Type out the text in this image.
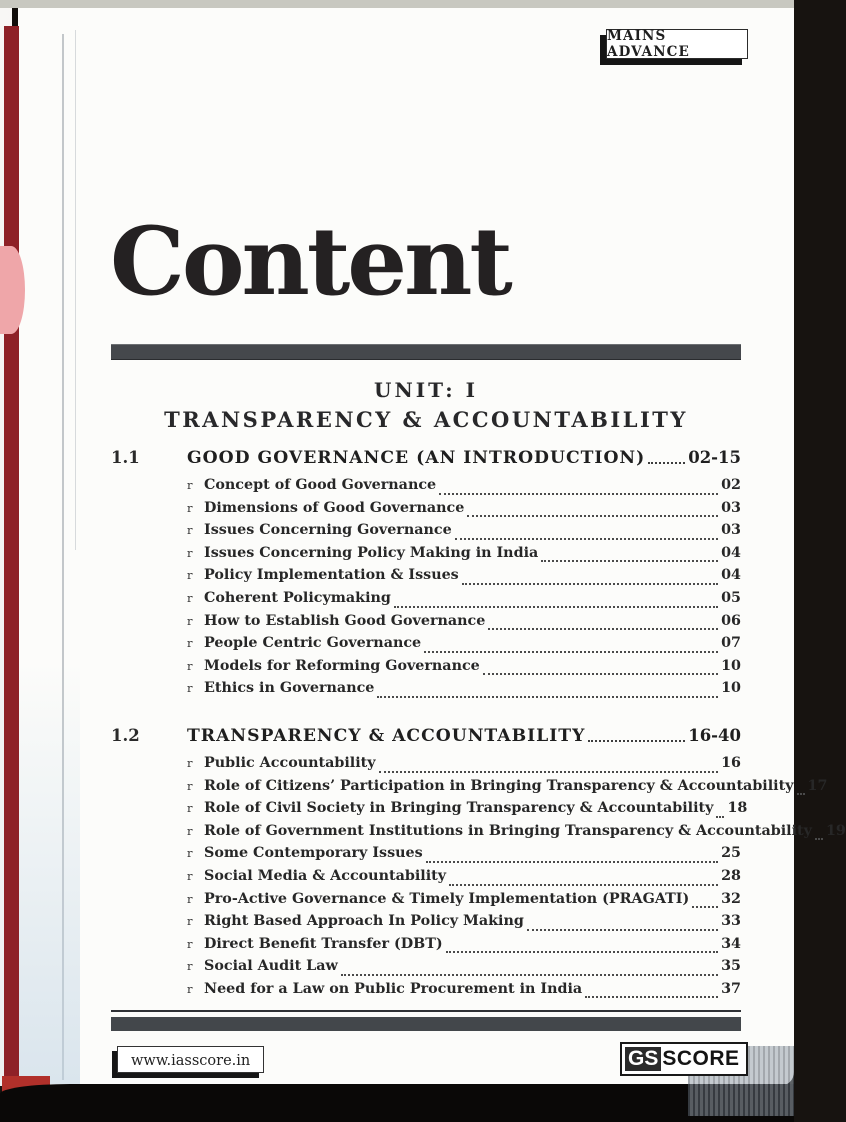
MAINS ADVANCE
Content
UNIT: I
TRANSPARENCY & ACCOUNTABILITY
1.1	GOOD GOVERNANCE (AN INTRODUCTION)	02-15
r Concept of Good Governance	02
r Dimensions of Good Governance	03
r Issues Concerning Governance	03
r Issues Concerning Policy Making in India	04
r Policy Implementation & Issues	04
r Coherent Policymaking	05
r How to Establish Good Governance	06
r People Centric Governance	07
r Models for Reforming Governance	10
r Ethics in Governance	10
1.2	TRANSPARENCY & ACCOUNTABILITY	16-40
r Public Accountability	16
r Role of Citizens’ Participation in Bringing Transparency & Accountability 17
r Role of Civil Society in Bringing Transparency & Accountability 18
r Role of Government Institutions in Bringing Transparency & Accountability 19
r Some Contemporary Issues	25
r Social Media & Accountability	28
r Pro-Active Governance & Timely Implementation (PRAGATI) 32
r Right Based Approach In Policy Making	33
r Direct Benefit Transfer (DBT)	34
r Social Audit Law	35
r Need for a Law on Public Procurement in India	37
www.iasscore.in	GS SCORE
